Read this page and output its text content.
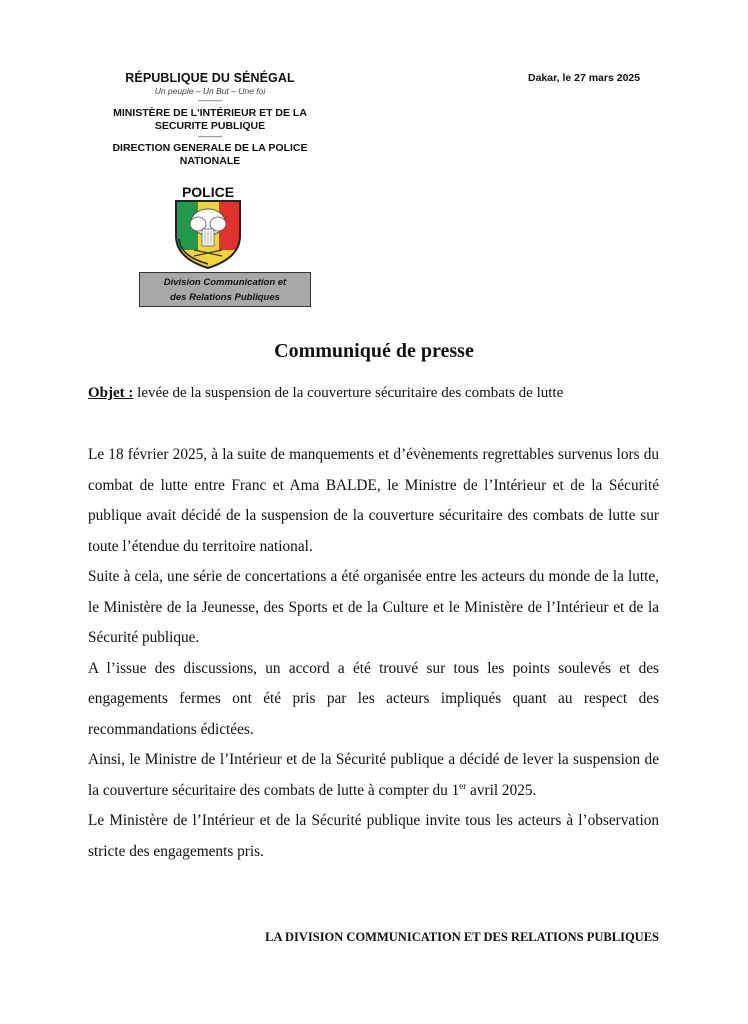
RÉPUBLIQUE DU SÉNÉGAL
Un peuple – Un But – Une foi
-----------
MINISTÈRE DE L'INTÉRIEUR ET DE LA SECURITE PUBLIQUE
-----------
DIRECTION GENERALE DE LA POLICE NATIONALE
POLICE
Division Communication et
des Relations Publiques
Dakar, le 27 mars 2025
Communiqué de presse
Objet : levée de la suspension de la couverture sécuritaire des combats de lutte

Le 18 février 2025, à la suite de manquements et d’évènements regrettables survenus lors du combat de lutte entre Franc et Ama BALDE, le Ministre de l’Intérieur et de la Sécurité publique avait décidé de la suspension de la couverture sécuritaire des combats de lutte sur toute l’étendue du territoire national.

Suite à cela, une série de concertations a été organisée entre les acteurs du monde de la lutte, le Ministère de la Jeunesse, des Sports et de la Culture et le Ministère de l’Intérieur et de la Sécurité publique.

A l’issue des discussions, un accord a été trouvé sur tous les points soulevés et des engagements fermes ont été pris par les acteurs impliqués quant au respect des recommandations édictées.

Ainsi, le Ministre de l’Intérieur et de la Sécurité publique a décidé de lever la suspension de la couverture sécuritaire des combats de lutte à compter du 1er avril 2025.

Le Ministère de l’Intérieur et de la Sécurité publique invite tous les acteurs à l’observation stricte des engagements pris.

LA DIVISION COMMUNICATION ET DES RELATIONS PUBLIQUES
